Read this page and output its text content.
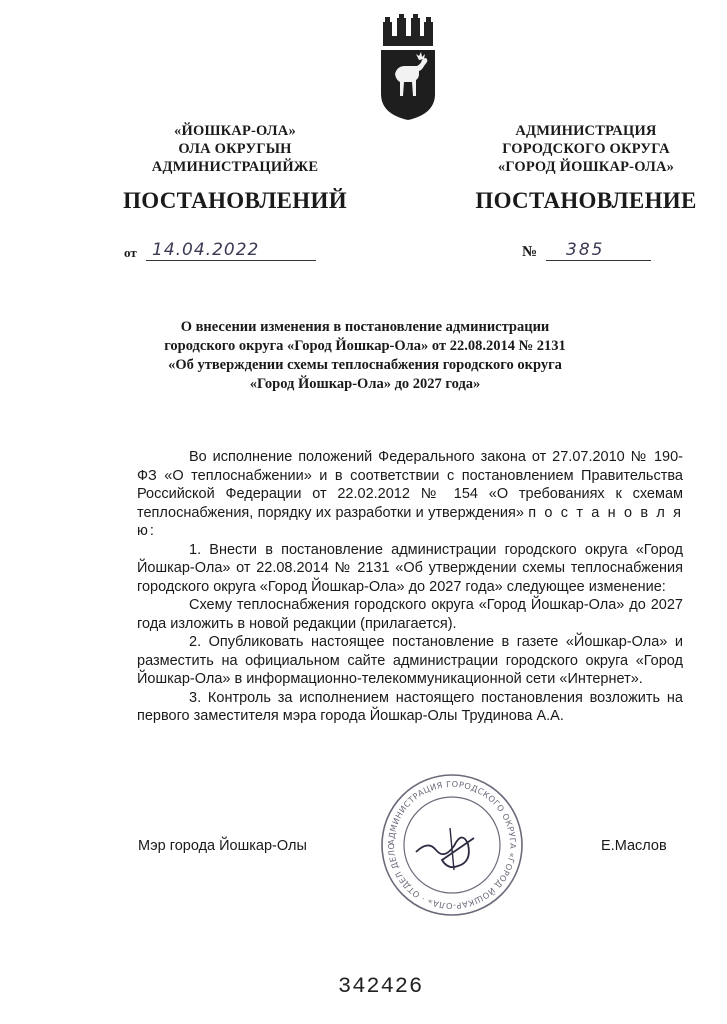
«ЙОШКАР-ОЛА»
ОЛА ОКРУГЫН
АДМИНИСТРАЦИЙЖЕ
АДМИНИСТРАЦИЯ
ГОРОДСКОГО ОКРУГА
«ГОРОД ЙОШКАР-ОЛА»
ПОСТАНОВЛЕНИЙ	ПОСТАНОВЛЕНИЕ
от 14.04.2022	№ 385
О внесении изменения в постановление администрации
городского округа «Город Йошкар-Ола» от 22.08.2014 № 2131
«Об утверждении схемы теплоснабжения городского округа
«Город Йошкар-Ола» до 2027 года»

Во исполнение положений Федерального закона от 27.07.2010 № 190-ФЗ «О теплоснабжении» и в соответствии с постановлением Правительства Российской Федерации от 22.02.2012 № 154 «О требованиях к схемам теплоснабжения, порядку их разработки и утверждения» п о с т а н о в л я ю:

1. Внести в постановление администрации городского округа «Город Йошкар-Ола» от 22.08.2014 № 2131 «Об утверждении схемы теплоснабжения городского округа «Город Йошкар-Ола» до 2027 года» следующее изменение:

Схему теплоснабжения городского округа «Город Йошкар-Ола» до 2027 года изложить в новой редакции (прилагается).

2. Опубликовать настоящее постановление в газете «Йошкар-Ола» и разместить на официальном сайте администрации городского округа «Город Йошкар-Ола» в информационно-телекоммуникационной сети «Интернет».

3. Контроль за исполнением настоящего постановления возложить на первого заместителя мэра города Йошкар-Олы Трудинова А.А.

АДМИНИСТРАЦИЯ ГОРОДСКОГО ОКРУГА «ГОРОД ЙОШКАР-ОЛА» · ОТДЕЛ ДЕЛО
Мэр города Йошкар-Олы	Е.Маслов
342426
